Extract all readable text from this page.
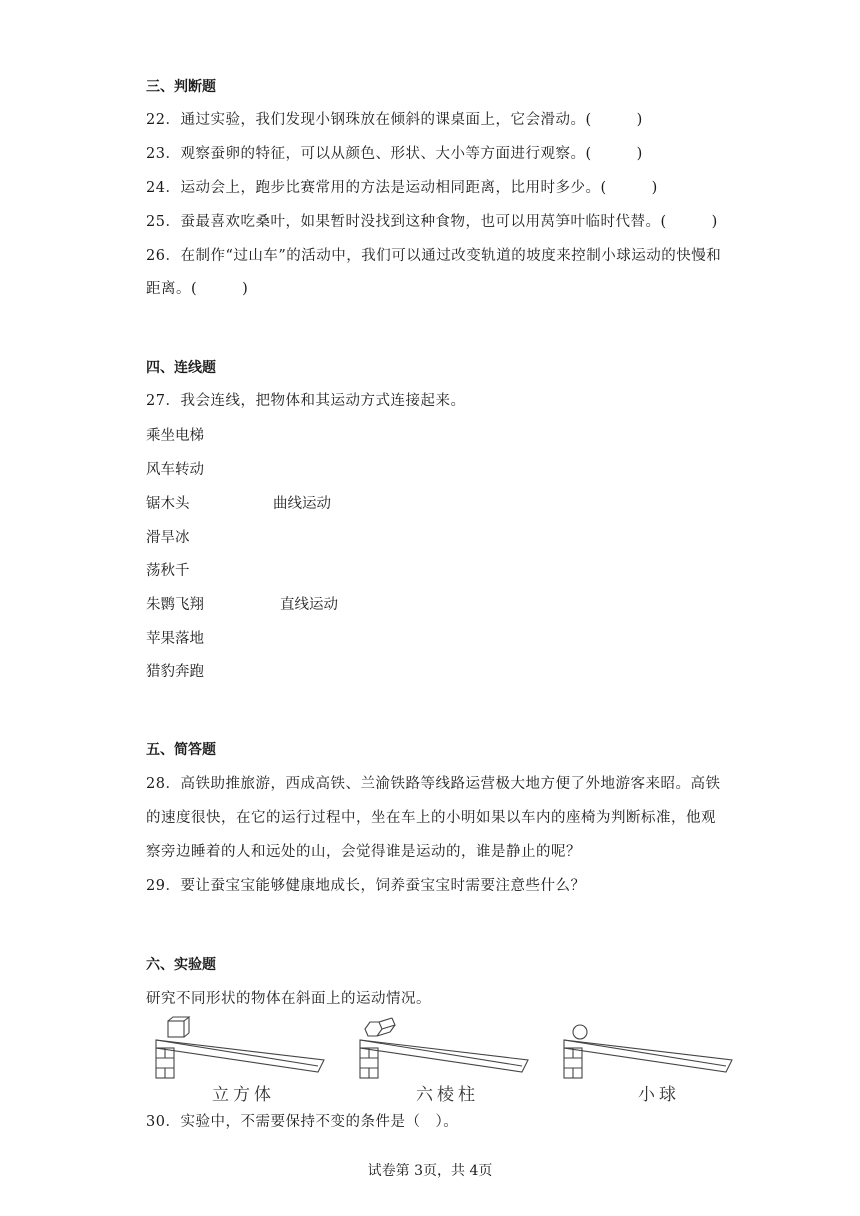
三、判断题
22．通过实验，我们发现小钢珠放在倾斜的课桌面上，它会滑动。(　　　)
23．观察蚕卵的特征，可以从颜色、形状、大小等方面进行观察。(　　　)
24．运动会上，跑步比赛常用的方法是运动相同距离，比用时多少。(　　　)
25．蚕最喜欢吃桑叶，如果暂时没找到这种食物，也可以用莴笋叶临时代替。(　　　)
26．在制作“过山车”的活动中，我们可以通过改变轨道的坡度来控制小球运动的快慢和
距离。(　　　)
四、连线题
27．我会连线，把物体和其运动方式连接起来。
乘坐电梯
风车转动
锯木头
滑旱冰
荡秋千
朱鹮飞翔
苹果落地
猎豹奔跑
曲线运动
直线运动
五、简答题
28．高铁助推旅游，西成高铁、兰渝铁路等线路运营极大地方便了外地游客来昭。高铁
的速度很快，在它的运行过程中，坐在车上的小明如果以车内的座椅为判断标准，他观
察旁边睡着的人和远处的山，会觉得谁是运动的，谁是静止的呢？
29．要让蚕宝宝能够健康地成长，饲养蚕宝宝时需要注意些什么？
六、实验题
研究不同形状的物体在斜面上的运动情况。
立方体	六棱柱	小球
30．实验中，不需要保持不变的条件是（　）。
试卷第 3页，共 4页
